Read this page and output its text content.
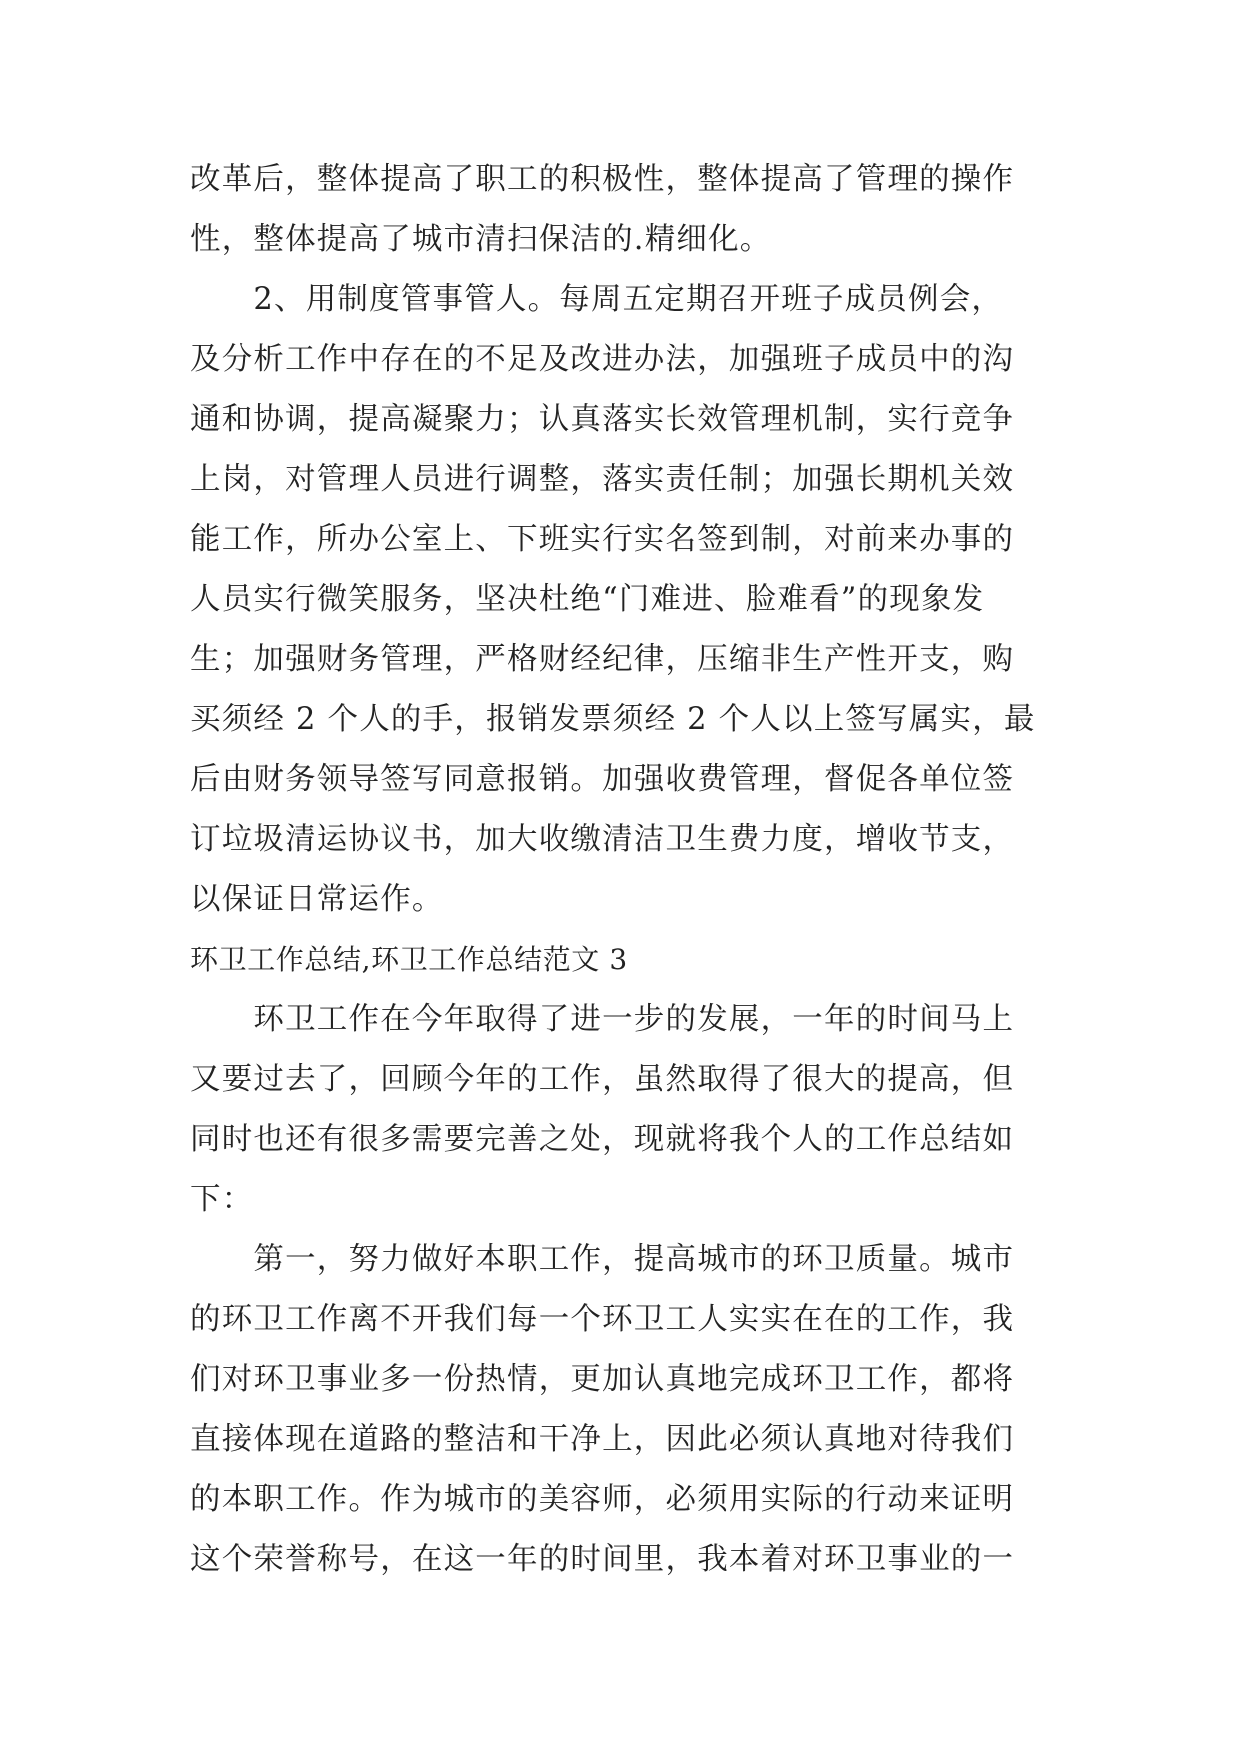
改革后，整体提高了职工的积极性，整体提高了管理的操作
性，整体提高了城市清扫保洁的.精细化。
　　2、用制度管事管人。每周五定期召开班子成员例会，
及分析工作中存在的不足及改进办法，加强班子成员中的沟
通和协调，提高凝聚力；认真落实长效管理机制，实行竞争
上岗，对管理人员进行调整，落实责任制；加强长期机关效
能工作，所办公室上、下班实行实名签到制，对前来办事的
人员实行微笑服务，坚决杜绝“门难进、脸难看”的现象发
生；加强财务管理，严格财经纪律，压缩非生产性开支，购
买须经 2 个人的手，报销发票须经 2 个人以上签写属实，最
后由财务领导签写同意报销。加强收费管理，督促各单位签
订垃圾清运协议书，加大收缴清洁卫生费力度，增收节支，
以保证日常运作。
环卫工作总结,环卫工作总结范文 3
　　环卫工作在今年取得了进一步的发展，一年的时间马上
又要过去了，回顾今年的工作，虽然取得了很大的提高，但
同时也还有很多需要完善之处，现就将我个人的工作总结如
下：
　　第一，努力做好本职工作，提高城市的环卫质量。城市
的环卫工作离不开我们每一个环卫工人实实在在的工作，我
们对环卫事业多一份热情，更加认真地完成环卫工作，都将
直接体现在道路的整洁和干净上，因此必须认真地对待我们
的本职工作。作为城市的美容师，必须用实际的行动来证明
这个荣誉称号，在这一年的时间里，我本着对环卫事业的一
